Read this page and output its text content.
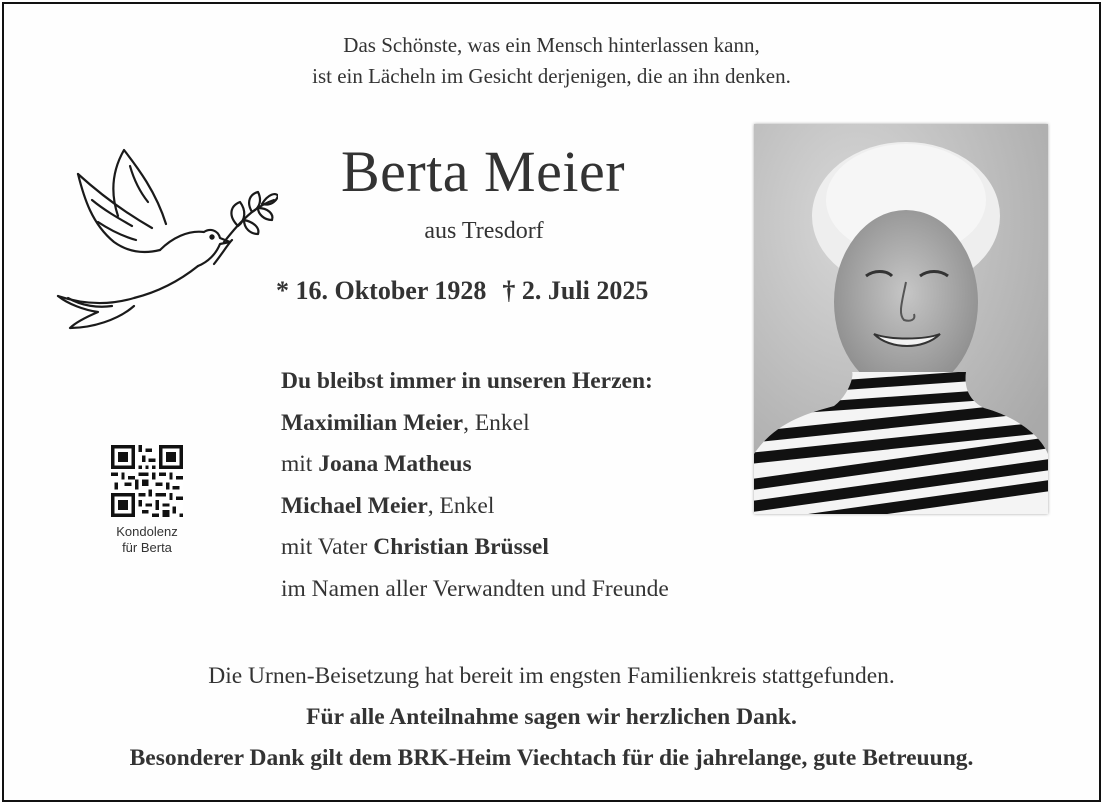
Das Schönste, was ein Mensch hinterlassen kann,
ist ein Lächeln im Gesicht derjenigen, die an ihn denken.
Berta Meier
aus Tresdorf
* 16. Oktober 1928 † 2. Juli 2025
Du bleibst immer in unseren Herzen:
Maximilian Meier, Enkel
mit Joana Matheus
Michael Meier, Enkel
mit Vater Christian Brüssel
im Namen aller Verwandten und Freunde
Kondolenz
für Berta
Die Urnen-Beisetzung hat bereit im engsten Familienkreis stattgefunden.
Für alle Anteilnahme sagen wir herzlichen Dank.
Besonderer Dank gilt dem BRK-Heim Viechtach für die jahrelange, gute Betreuung.
